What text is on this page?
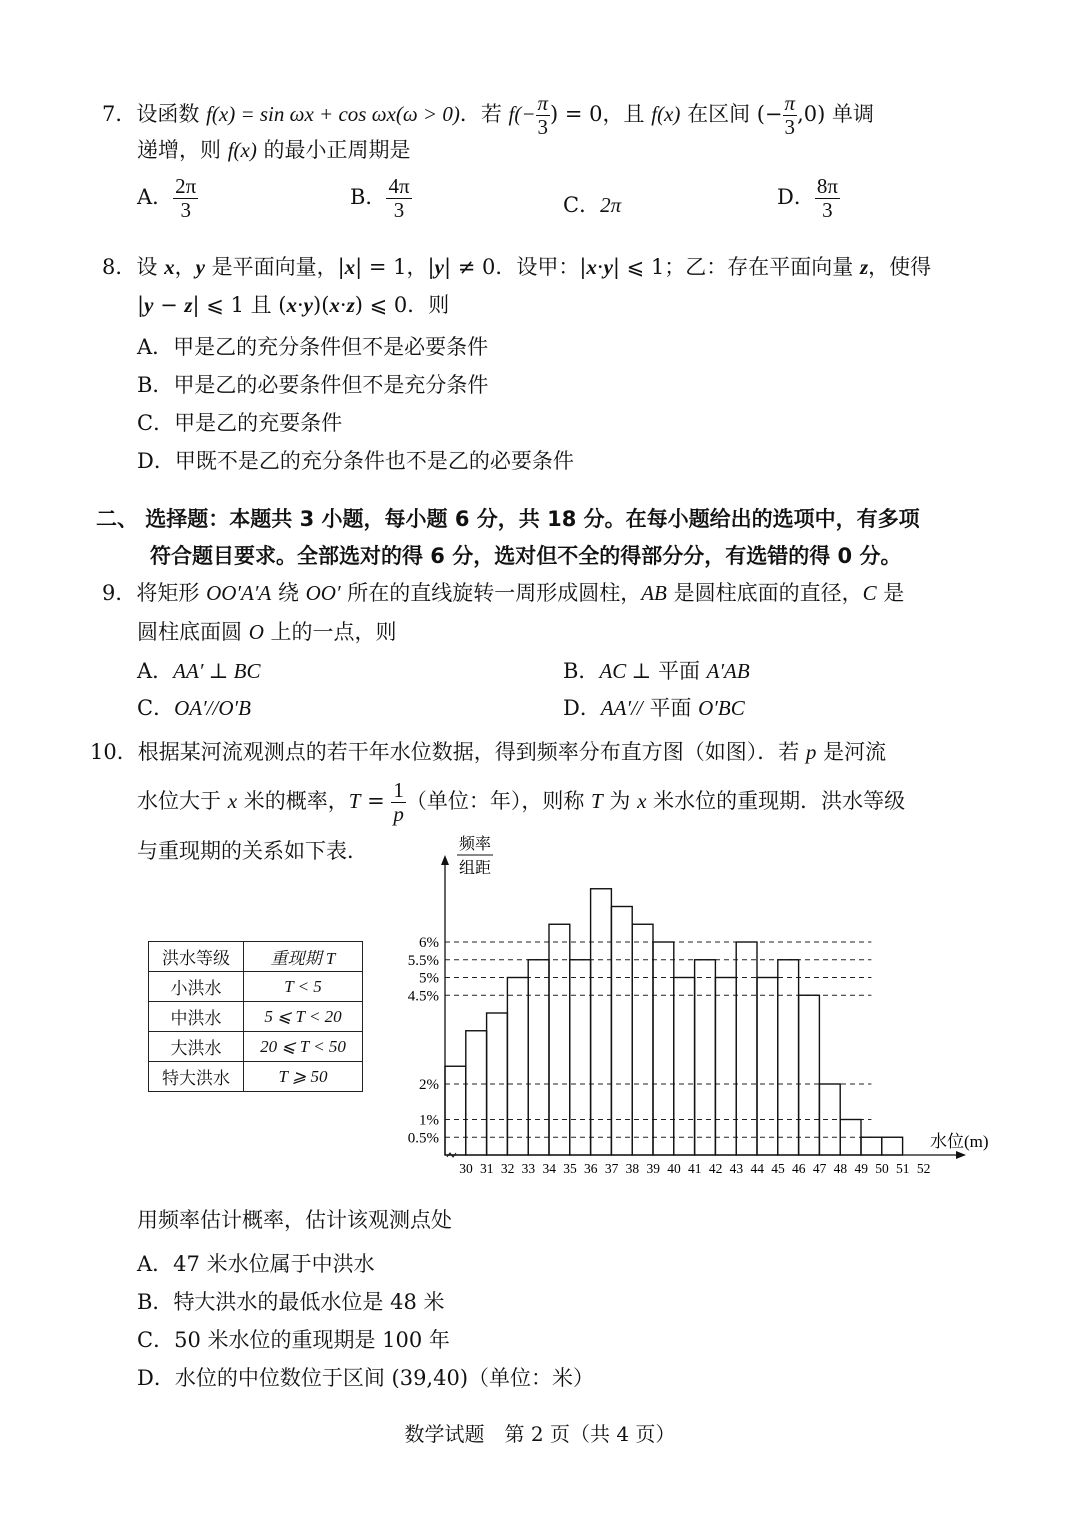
7．设函数 f(x) = sin ωx + cos ωx(ω > 0)．若 $f(- \frac{\pi}{3}$ ) = 0，且 f(x) 在区间 (− $\frac{\pi}{3} ,0$) 单调
递增，则 f(x) 的最小正周期是
A． $\frac{2\pi}{3}$	B． $\frac{4\pi}{3}$	C．2π	D． $\frac{8\pi}{3}$
8．设 x，y 是平面向量，|x| = 1，|y| ≠ 0．设甲：|x·y| ⩽ 1；乙：存在平面向量 z，使得
|y − z| ⩽ 1 且 (x·y)(x·z) ⩽ 0．则
A．甲是乙的充分条件但不是必要条件
B．甲是乙的必要条件但不是充分条件
C．甲是乙的充要条件
D．甲既不是乙的充分条件也不是乙的必要条件
二、 选择题：本题共 3 小题，每小题 6 分，共 18 分。在每小题给出的选项中，有多项
符合题目要求。全部选对的得 6 分，选对但不全的得部分分，有选错的得 0 分。
9．将矩形 OO′A′A 绕 OO′ 所在的直线旋转一周形成圆柱，AB 是圆柱底面的直径，C 是
圆柱底面圆 O 上的一点，则
A．AA′ ⊥ BC	B．AC ⊥ 平面 A′AB
C．OA′//O′B	D．AA′// 平面 O′BC
10．根据某河流观测点的若干年水位数据，得到频率分布直方图（如图）．若 p 是河流
水位大于 x 米的概率，$T = \frac{1}{p}$ （单位：年），则称 T 为 x 米水位的重现期．洪水等级
与重现期的关系如下表．
洪水等级	重现期 T
小洪水	T < 5
中洪水	5 ⩽ T < 20
大洪水	20 ⩽ T < 50
特大洪水	T ⩾ 50
6%
5.5%
5%
4.5%
2%
1%
0.5%
30 31 32 33 34 35 36 37 38 39 40 41 42 43 44 45 46 47 48 49 50 51 52
水位(m)
频率
组距
用频率估计概率，估计该观测点处
A．47 米水位属于中洪水
B．特大洪水的最低水位是 48 米
C．50 米水位的重现期是 100 年
D．水位的中位数位于区间 (39,40)（单位：米）
数学试题　第 2 页（共 4 页）
